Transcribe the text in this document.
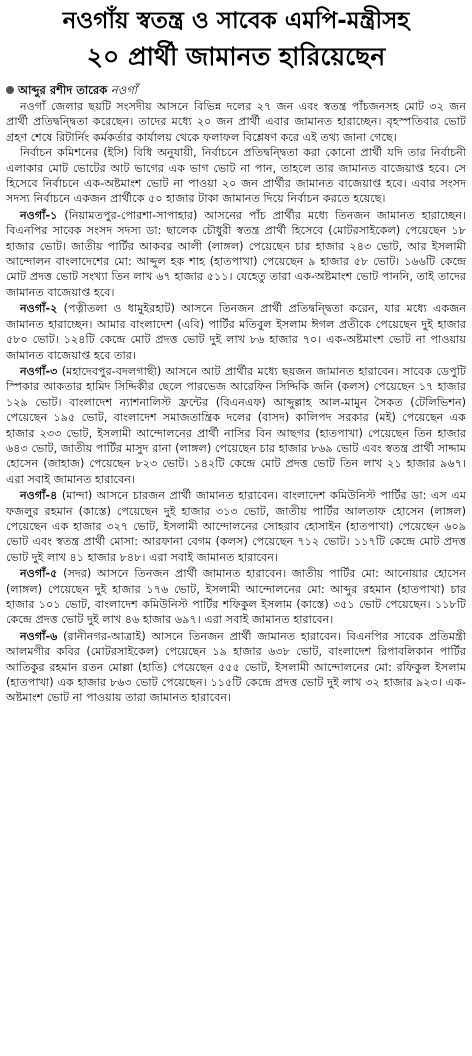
নওগাঁয় স্বতন্ত্র ও সাবেক এমপি-মন্ত্রীসহ
২০ প্রার্থী জামানত হারিয়েছেন
আব্দুর রশীদ তারেক নওগাঁ

নওগাঁ জেলার ছয়টি সংসদীয় আসনে বিভিন্ন দলের ২৭ জন এবং স্বতন্ত্র পাঁচজনসহ মোট ৩২ জন প্রার্থী প্রতিদ্বন্দ্বিতা করেছেন। তাদের মধ্যে ২০ জন প্রার্থী এবার জামানত হারাচ্ছেন। বৃহস্পতিবার ভোট গ্রহণ শেষে রিটার্নিং কর্মকর্তার কার্যালয় থেকে ফলাফল বিশ্লেষণ করে এই তথ্য জানা গেছে।

নির্বাচন কমিশনের (ইসি) বিধি অনুযায়ী, নির্বাচনে প্রতিদ্বন্দ্বিতা করা কোনো প্রার্থী যদি তার নির্বাচনী এলাকার মোট ভোটের আট ভাগের এক ভাগ ভোট না পান, তাহলে তার জামানত বাজেয়াপ্ত হবে। সে হিসেবে নির্বাচনে এক-অষ্টমাংশ ভোট না পাওয়া ২০ জন প্রার্থীর জামানত বাজেয়াপ্ত হবে। এবার সংসদ সদস্য নির্বাচনে একজন প্রার্থীকে ৫০ হাজার টাকা জামানত দিয়ে নির্বাচন করতে হয়েছে।

নওগাঁ-১ (নিয়ামতপুর-পোরশা-সাপাহার) আসনের পাঁচ প্রার্থীর মধ্যে তিনজন জামানত হারাচ্ছেন। বিএনপির সাবেক সংসদ সদস্য ডা: ছালেক চৌধুরী স্বতন্ত্র প্রার্থী হিসেবে (মোটরসাইকেল) পেয়েছেন ১৮ হাজার ভোট। জাতীয় পার্টির আকবর আলী (লাঙ্গল) পেয়েছেন চার হাজার ২৪৩ ভোট, আর ইসলামী আন্দোলন বাংলাদেশের মো: আব্দুল হক শাহ (হাতপাখা) পেয়েছেন ৯ হাজার ৫৮ ভোট। ১৬৬টি কেন্দ্রে মোট প্রদত্ত ভোট সংখ্যা তিন লাখ ৬৭ হাজার ৫১১। যেহেতু তারা এক-অষ্টমাংশ ভোট পাননি, তাই তাদের জামানত বাজেয়াপ্ত হবে।

নওগাঁ-২ (পত্নীতলা ও ধামুইরহাট) আসনে তিনজন প্রার্থী প্রতিদ্বন্দ্বিতা করেন, যার মধ্যে একজন জামানত হারাচ্ছেন। আমার বাংলাদেশ (এবি) পার্টির মতিবুল ইসলাম ঈগল প্রতীকে পেয়েছেন দুই হাজার ৫৮০ ভোট। ১২৪টি কেন্দ্রে মোট প্রদত্ত ভোট দুই লাখ ৮৬ হাজার ৭০। এক-অষ্টমাংশ ভোট না পাওয়ায় জামানত বাজেয়াপ্ত হবে তার।

নওগাঁ-৩ (মহাদেবপুর-বদলগাছী) আসনে আট প্রার্থীর মধ্যে ছয়জন জামানত হারাবেন। সাবেক ডেপুটি স্পিকার আকতার হামিদ সিদ্দিকীর ছেলে পারভেজ আরেফিন সিদ্দিকি জনি (কলস) পেয়েছেন ১৭ হাজার ১২৯ ভোট। বাংলাদেশ ন্যাশনালিস্ট ফ্রন্টের (বিএনএফ) আব্দুল্লাহ আল-মামুন সৈকত (টেলিভিশন) পেয়েছেন ১৯৫ ভোট, বাংলাদেশ সমাজতান্ত্রিক দলের (বাসদ) কালিপদ সরকার (মই) পেয়েছেন এক হাজার ২৩৩ ভোট, ইসলামী আন্দোলনের প্রার্থী নাসির বিন আছগর (হাতপাখা) পেয়েছেন তিন হাজার ৬৪৩ ভোট, জাতীয় পার্টির মাসুদ রানা (লাঙ্গল) পেয়েছেন চার হাজার ৮৬৯ ভোট এবং স্বতন্ত্র প্রার্থী সাদ্দাম হোসেন (জাহাজ) পেয়েছেন ৮২৩ ভোট। ১৪২টি কেন্দ্রে মোট প্রদত্ত ভোট তিন লাখ ২১ হাজার ৯৬৭। এরা সবাই জামানত হারাবেন।

নওগাঁ-৪ (মান্দা) আসনে চারজন প্রার্থী জামানত হারাবেন। বাংলাদেশ কমিউনিস্ট পার্টির ডা: এস এম ফজলুর রহমান (কাস্তে) পেয়েছেন দুই হাজার ৩১৩ ভোট, জাতীয় পার্টির আলতাফ হোসেন (লাঙ্গল) পেয়েছেন এক হাজার ৩২৭ ভোট, ইসলামী আন্দোলনের সোহরাব হোসাইন (হাতপাখা) পেয়েছেন ৬০৯ ভোট এবং স্বতন্ত্র প্রার্থী মোসা: আরফানা বেগম (কলস) পেয়েছেন ৭১২ ভোট। ১১৭টি কেন্দ্রে মোট প্রদত্ত ভোট দুই লাখ ৪১ হাজার ৮৪৮। এরা সবাই জামানত হারাবেন।

নওগাঁ-৫ (সদর) আসনে তিনজন প্রার্থী জামানত হারাবেন। জাতীয় পার্টির মো: আনোয়ার হোসেন (লাঙ্গল) পেয়েছেন দুই হাজার ১৭৬ ভোট, ইসলামী আন্দোলনের মো: আব্দুর রহমান (হাতপাখা) চার হাজার ১০১ ভোট, বাংলাদেশ কমিউনিস্ট পার্টির শফিকুল ইসলাম (কাস্তে) ৩৫১ ভোট পেয়েছেন। ১১৮টি কেন্দ্রে প্রদত্ত ভোট দুই লাখ ৪৬ হাজার ৬৯৭। এরা সবাই জামানত হারাবেন।

নওগাঁ-৬ (রানীনগর-আত্রাই) আসনে তিনজন প্রার্থী জামানত হারাবেন। বিএনপির সাবেক প্রতিমন্ত্রী আলমগীর কবির (মোটরসাইকেল) পেয়েছেন ১৯ হাজার ৬৩৮ ভোট, বাংলাদেশ রিপাবলিকান পার্টির আতিকুর রহমান রতন মোল্লা (হাতি) পেয়েছেন ৫৫৫ ভোট, ইসলামী আন্দোলনের মো: রফিকুল ইসলাম (হাতপাখা) এক হাজার ৮৬৩ ভোট পেয়েছেন। ১১৫টি কেন্দ্রে প্রদত্ত ভোট দুই লাখ ৩২ হাজার ৯২৩। এক-অষ্টমাংশ ভোট না পাওয়ায় তারা জামানত হারাবেন।
